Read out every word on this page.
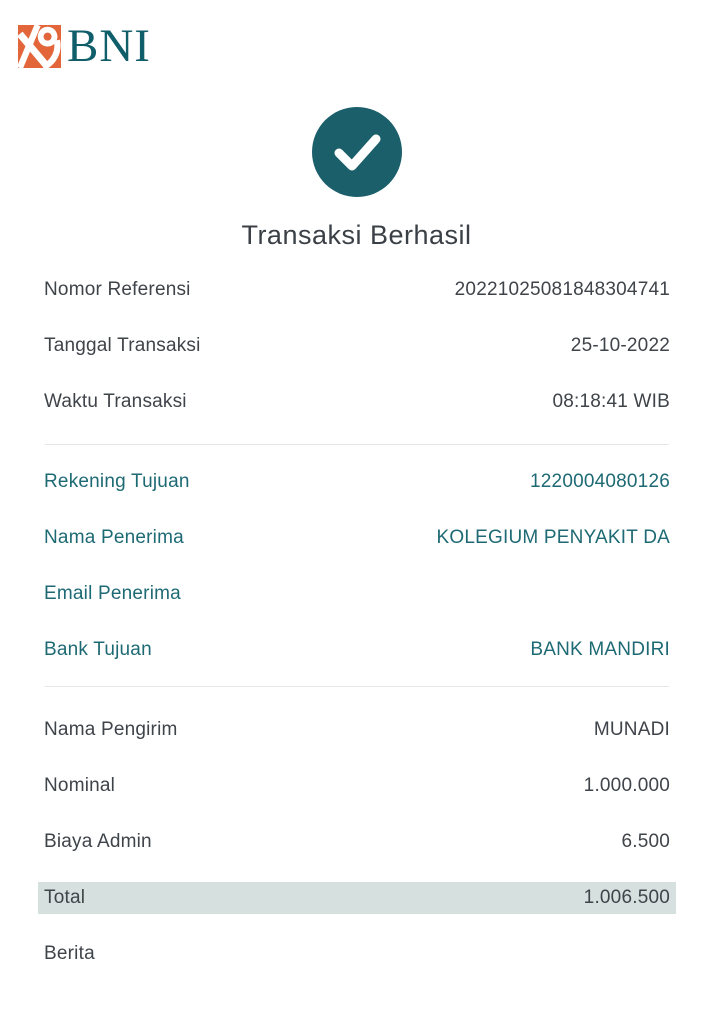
BNI
Transaksi Berhasil
Nomor Referensi	20221025081848304741
Tanggal Transaksi	25-10-2022
Waktu Transaksi	08:18:41 WIB
Rekening Tujuan	1220004080126
Nama Penerima	KOLEGIUM PENYAKIT DA
Email Penerima
Bank Tujuan	BANK MANDIRI
Nama Pengirim	MUNADI
Nominal	1.000.000
Biaya Admin	6.500
Total	1.006.500
Berita
